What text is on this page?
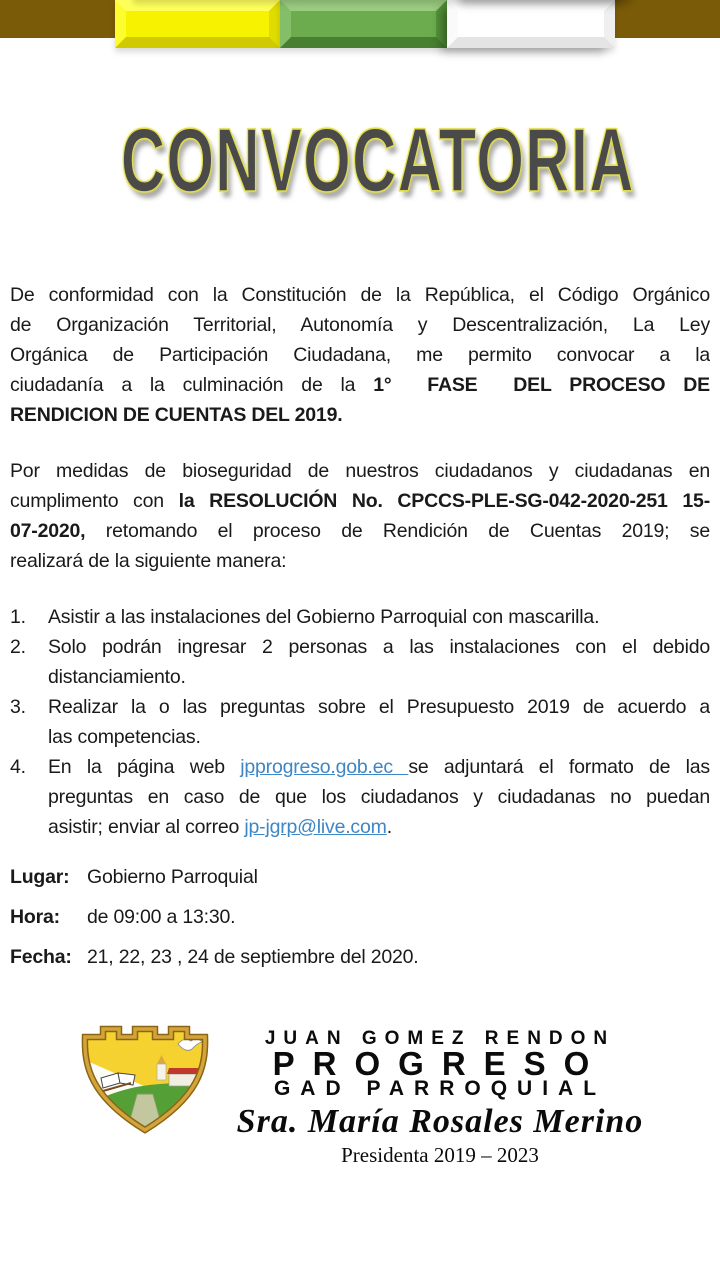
CONVOCATORIA
De conformidad con la Constitución de la República, el Código Orgánico
de Organización Territorial, Autonomía y Descentralización, La Ley
Orgánica de Participación Ciudadana, me permito convocar a la
ciudadanía a la culminación de la 1°  FASE  DEL PROCESO DE
RENDICION DE CUENTAS DEL 2019.
Por medidas de bioseguridad de nuestros ciudadanos y ciudadanas en
cumplimento con la RESOLUCIÓN No. CPCCS-PLE-SG-042-2020-251 15-
07-2020, retomando el proceso de Rendición de Cuentas 2019; se
realizará de la siguiente manera:
1.	Asistir a las instalaciones del Gobierno Parroquial con mascarilla.
2.	Solo podrán ingresar 2 personas a las instalaciones con el debido
distanciamiento.
3.	Realizar la o las preguntas sobre el Presupuesto 2019 de acuerdo a
las competencias.
4.	En la página web jpprogreso.gob.ec se adjuntará el formato de las
preguntas en caso de que los ciudadanos y ciudadanas no puedan
asistir; enviar al correo jp-jgrp@live.com.
Lugar: Gobierno Parroquial
Hora:	de 09:00 a 13:30.
Fecha: 21, 22, 23 , 24 de septiembre del 2020.
JUAN GOMEZ RENDON
PROGRESO
GAD PARROQUIAL
Sra. María Rosales Merino
Presidenta 2019 – 2023
